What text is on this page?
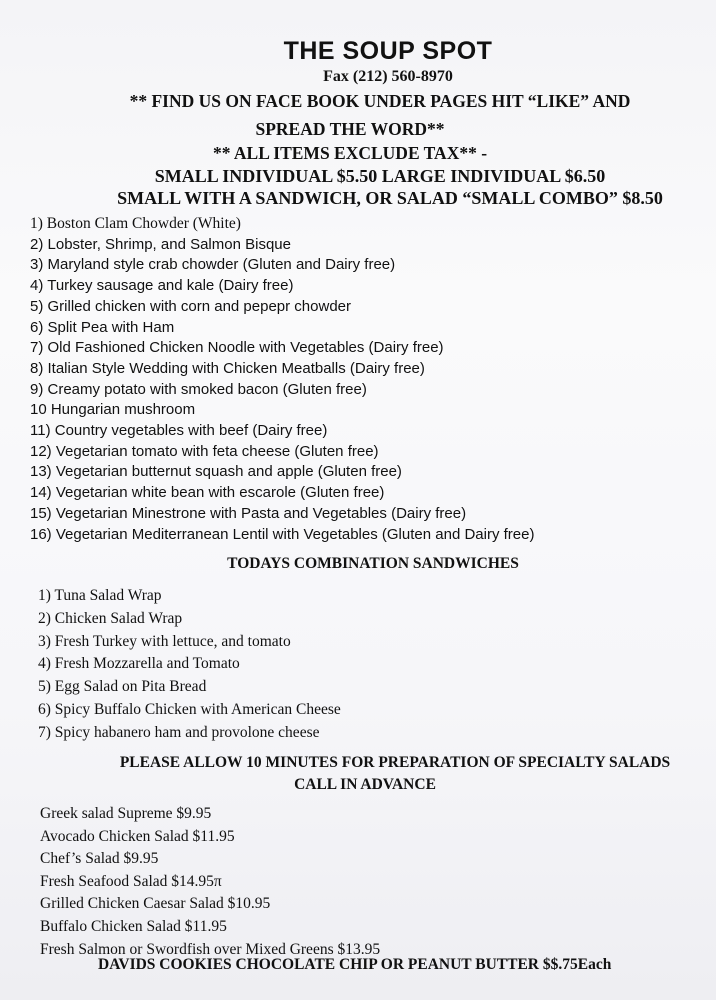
THE SOUP SPOT
Fax (212) 560-8970
** FIND US ON FACE BOOK UNDER PAGES HIT “LIKE” AND
SPREAD THE WORD**
** ALL ITEMS EXCLUDE TAX** -
SMALL INDIVIDUAL $5.50 LARGE INDIVIDUAL $6.50
SMALL WITH A SANDWICH, OR SALAD “SMALL COMBO” $8.50
1) Boston Clam Chowder (White)
2) Lobster, Shrimp, and Salmon Bisque
3) Maryland style crab chowder (Gluten and Dairy free)
4) Turkey sausage and kale (Dairy free)
5) Grilled chicken with corn and pepepr chowder
6) Split Pea with Ham
7) Old Fashioned Chicken Noodle with Vegetables (Dairy free)
8) Italian Style Wedding with Chicken Meatballs (Dairy free)
9) Creamy potato with smoked bacon (Gluten free)
10 Hungarian mushroom
11) Country vegetables with beef (Dairy free)
12) Vegetarian tomato with feta cheese (Gluten free)
13) Vegetarian butternut squash and apple (Gluten free)
14) Vegetarian white bean with escarole (Gluten free)
15) Vegetarian Minestrone with Pasta and Vegetables (Dairy free)
16) Vegetarian Mediterranean Lentil with Vegetables (Gluten and Dairy free)
TODAYS COMBINATION SANDWICHES
1) Tuna Salad Wrap
2) Chicken Salad Wrap
3) Fresh Turkey with lettuce, and tomato
4) Fresh Mozzarella and Tomato
5) Egg Salad on Pita Bread
6) Spicy Buffalo Chicken with American Cheese
7) Spicy habanero ham and provolone cheese
PLEASE ALLOW 10 MINUTES FOR PREPARATION OF SPECIALTY SALADS
CALL IN ADVANCE
Greek salad Supreme $9.95
Avocado Chicken Salad $11.95
Chef’s Salad $9.95
Fresh Seafood Salad $14.95π
Grilled Chicken Caesar Salad $10.95
Buffalo Chicken Salad $11.95
Fresh Salmon or Swordfish over Mixed Greens $13.95
DAVIDS COOKIES CHOCOLATE CHIP OR PEANUT BUTTER $$.75Each
